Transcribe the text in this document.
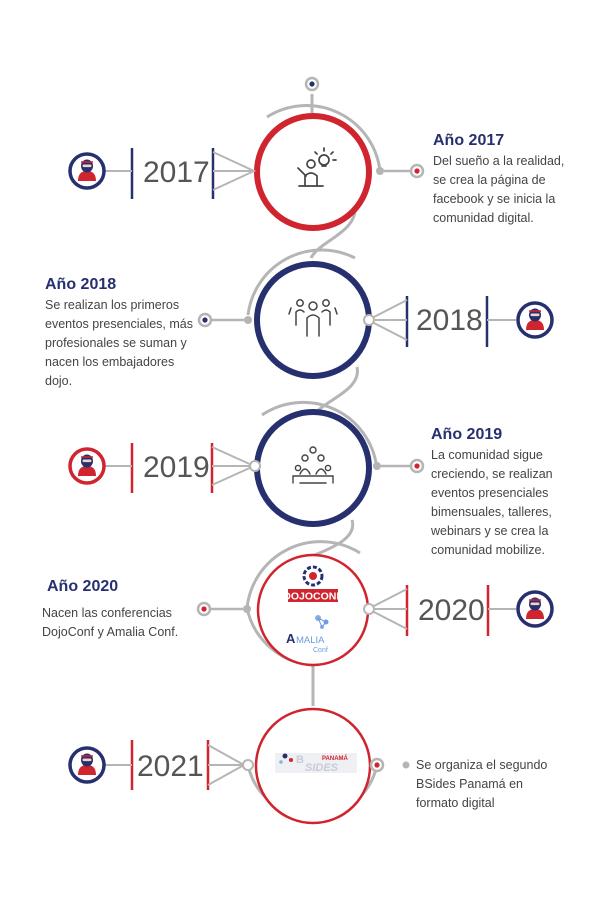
DOJOCONF
A MALIA
Conf
B	PANAMÁ
SIDES
2017
2018
2019
2020
2021
Año 2017
Del sueño a la realidad,
se crea la página de
facebook y se inicia la
comunidad digital.
Año 2018
Se realizan los primeros
eventos presenciales, más
profesionales se suman y
nacen los embajadores
dojo.
Año 2019
La comunidad sigue
creciendo, se realizan
eventos presenciales
bimensuales, talleres,
webinars y se crea la
comunidad mobilize.
Año 2020
Nacen las conferencias
DojoConf y Amalia Conf.
Se organiza el segundo
BSides Panamá en
formato digital
